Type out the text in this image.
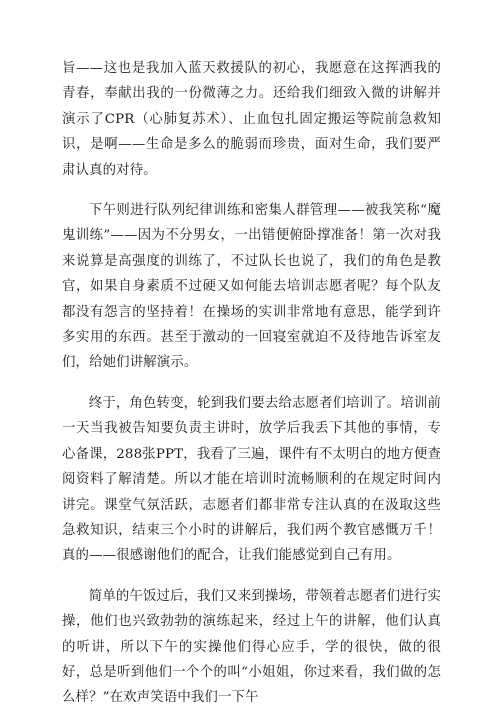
旨——这也是我加入蓝天救援队的初心，我愿意在这挥洒我的青春，奉献出我的一份微薄之力。还给我们细致入微的讲解并演示了CPR（心肺复苏术）、止血包扎固定搬运等院前急救知识，是啊——生命是多么的脆弱而珍贵，面对生命，我们要严肃认真的对待。

下午则进行队列纪律训练和密集人群管理——被我笑称“魔鬼训练”——因为不分男女，一出错便俯卧撑准备！第一次对我来说算是高强度的训练了，不过队长也说了，我们的角色是教官，如果自身素质不过硬又如何能去培训志愿者呢？每个队友都没有怨言的坚持着！在操场的实训非常地有意思，能学到许多实用的东西。甚至于激动的一回寝室就迫不及待地告诉室友们，给她们讲解演示。

终于，角色转变，轮到我们要去给志愿者们培训了。培训前一天当我被告知要负责主讲时，放学后我丢下其他的事情，专心备课，288张PPT，我看了三遍，课件有不太明白的地方便查阅资料了解清楚。所以才能在培训时流畅顺利的在规定时间内讲完。课堂气氛活跃，志愿者们都非常专注认真的在汲取这些急救知识，结束三个小时的讲解后，我们两个教官感慨万千！真的——很感谢他们的配合，让我们能感觉到自己有用。

简单的午饭过后，我们又来到操场，带领着志愿者们进行实操，他们也兴致勃勃的演练起来，经过上午的讲解，他们认真的听讲，所以下午的实操他们得心应手，学的很快，做的很好，总是听到他们一个个的叫“小姐姐，你过来看，我们做的怎么样？”在欢声笑语中我们一下午
